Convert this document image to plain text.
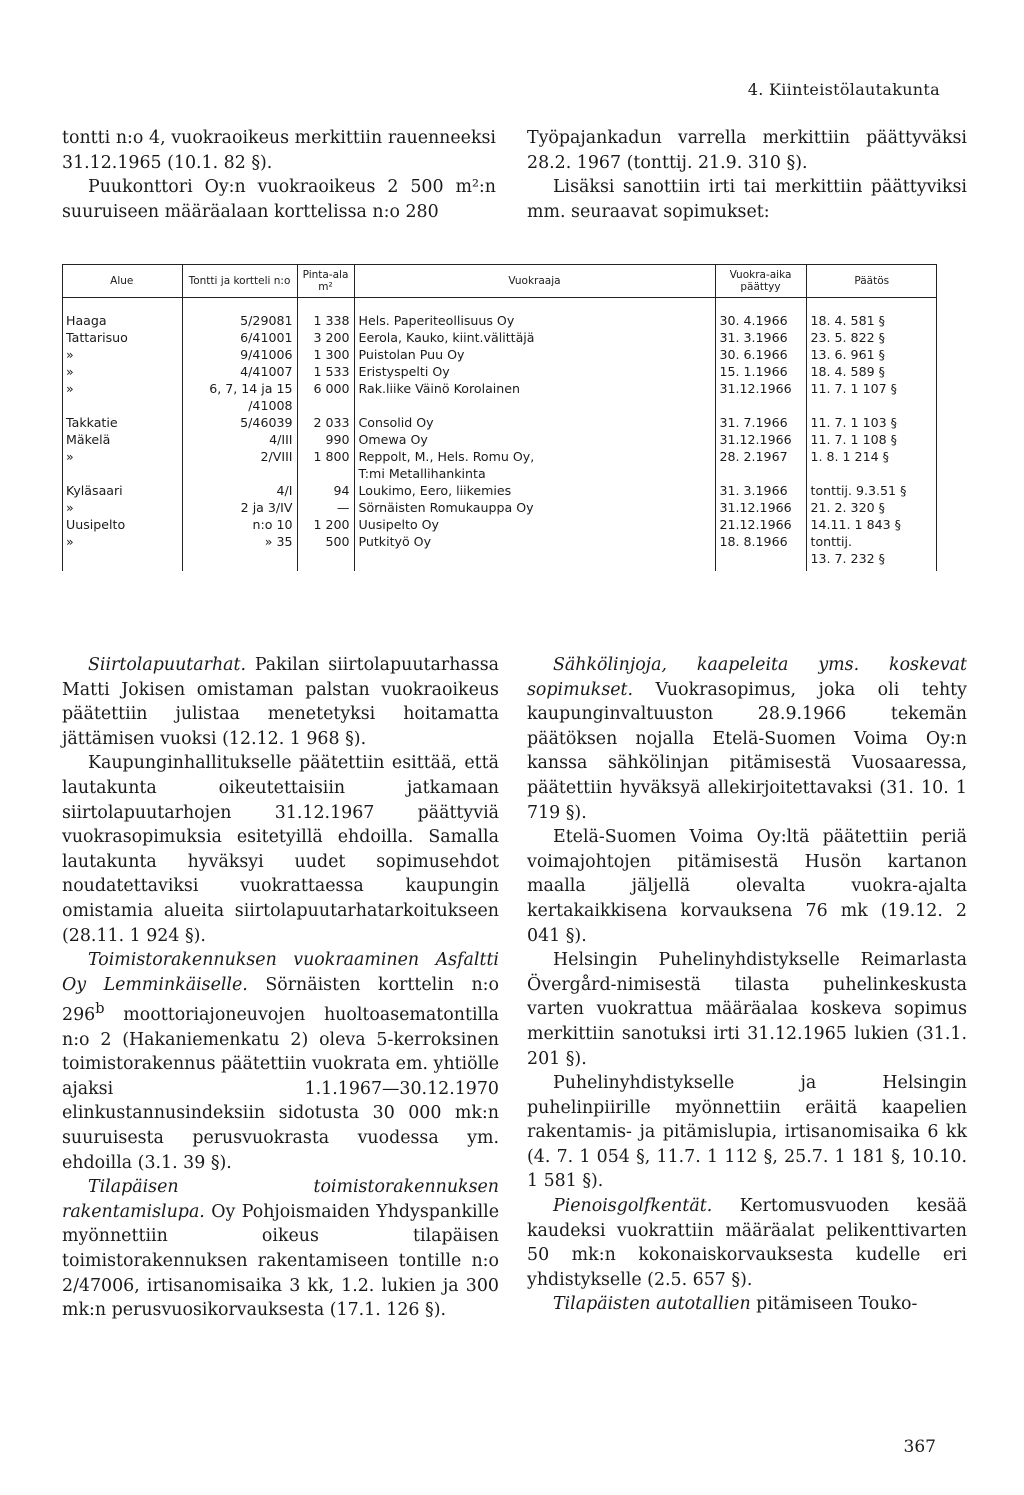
4. Kiinteistölautakunta

tontti n:o 4, vuokraoikeus merkittiin rauenneeksi 31.12.1965 (10.1. 82 §).

Puukonttori Oy:n vuokraoikeus 2 500 m²:n suuruiseen määräalaan korttelissa n:o 280

Työpajankadun varrella merkittiin päättyväksi 28.2. 1967 (tonttij. 21.9. 310 §).

Lisäksi sanottiin irti tai merkittiin päättyviksi mm. seuraavat sopimukset:

Alue	Tontti ja kortteli n:o	Pinta-ala m²	Vuokraaja	Vuokra-aika päättyy	Päätös
Haaga	5/29081	1 338	Hels. Paperiteollisuus Oy	30. 4.1966	18. 4. 581 §
Tattarisuo	6/41001	3 200	Eerola, Kauko, kiint.välittäjä	31. 3.1966	23. 5. 822 §
»	9/41006	1 300	Puistolan Puu Oy	30. 6.1966	13. 6. 961 §
»	4/41007	1 533	Eristyspelti Oy	15. 1.1966	18. 4. 589 §
»	6, 7, 14 ja 15	6 000	Rak.liike Väinö Korolainen	31.12.1966	11. 7. 1 107 §
	/41008				
Takkatie	5/46039	2 033	Consolid Oy	31. 7.1966	11. 7. 1 103 §
Mäkelä	4/III	990	Omewa Oy	31.12.1966	11. 7. 1 108 §
»	2/VIII	1 800	Reppolt, M., Hels. Romu Oy,	28. 2.1967	1. 8. 1 214 §
			T:mi Metallihankinta		
Kyläsaari	4/I	94	Loukimo, Eero, liikemies	31. 3.1966	tonttij. 9.3.51 §
»	2 ja 3/IV	—	Sörnäisten Romukauppa Oy	31.12.1966	21. 2. 320 §
Uusipelto	n:o 10	1 200	Uusipelto Oy	21.12.1966	14.11. 1 843 §
»	» 35	500	Putkityö Oy	18. 8.1966	tonttij.
					13. 7. 232 §

Siirtolapuutarhat. Pakilan siirtolapuutarhassa Matti Jokisen omistaman palstan vuokraoikeus päätettiin julistaa menetetyksi hoitamatta jättämisen vuoksi (12.12. 1 968 §).

Kaupunginhallitukselle päätettiin esittää, että lautakunta oikeutettaisiin jatkamaan siirtolapuutarhojen 31.12.1967 päättyviä vuokrasopimuksia esitetyillä ehdoilla. Samalla lautakunta hyväksyi uudet sopimusehdot noudatettaviksi vuokrattaessa kaupungin omistamia alueita siirtolapuutarhatarkoitukseen (28.11. 1 924 §).

Toimistorakennuksen vuokraaminen Asfaltti Oy Lemminkäiselle. Sörnäisten korttelin n:o 296$^b$ moottoriajoneuvojen huoltoasematontilla n:o 2 (Hakaniemenkatu 2) oleva 5-kerroksinen toimistorakennus päätettiin vuokrata em. yhtiölle ajaksi 1.1.1967—30.12.1970 elinkustannusindeksiin sidotusta 30 000 mk:n suuruisesta perusvuokrasta vuodessa ym. ehdoilla (3.1. 39 §).

Tilapäisen toimistorakennuksen rakentamislupa. Oy Pohjoismaiden Yhdyspankille myönnettiin oikeus tilapäisen toimistorakennuksen rakentamiseen tontille n:o 2/47006, irtisanomisaika 3 kk, 1.2. lukien ja 300 mk:n perusvuosikorvauksesta (17.1. 126 §).

Sähkölinjoja, kaapeleita yms. koskevat sopimukset. Vuokrasopimus, joka oli tehty kaupunginvaltuuston 28.9.1966 tekemän päätöksen nojalla Etelä-Suomen Voima Oy:n kanssa sähkölinjan pitämisestä Vuosaaressa, päätettiin hyväksyä allekirjoitettavaksi (31. 10. 1 719 §).

Etelä-Suomen Voima Oy:ltä päätettiin periä voimajohtojen pitämisestä Husön kartanon maalla jäljellä olevalta vuokra-ajalta kertakaikkisena korvauksena 76 mk (19.12. 2 041 §).

Helsingin Puhelinyhdistykselle Reimarlasta Övergård-nimisestä tilasta puhelinkeskusta varten vuokrattua määräalaa koskeva sopimus merkittiin sanotuksi irti 31.12.1965 lukien (31.1. 201 §).

Puhelinyhdistykselle ja Helsingin puhelinpiirille myönnettiin eräitä kaapelien rakentamis- ja pitämislupia, irtisanomisaika 6 kk (4. 7. 1 054 §, 11.7. 1 112 §, 25.7. 1 181 §, 10.10. 1 581 §).

Pienoisgolfkentät. Kertomusvuoden kesää kaudeksi vuokrattiin määräalat pelikenttivarten 50 mk:n kokonaiskorvauksesta kudelle eri yhdistykselle (2.5. 657 §).

Tilapäisten autotallien pitämiseen Touko-

367
